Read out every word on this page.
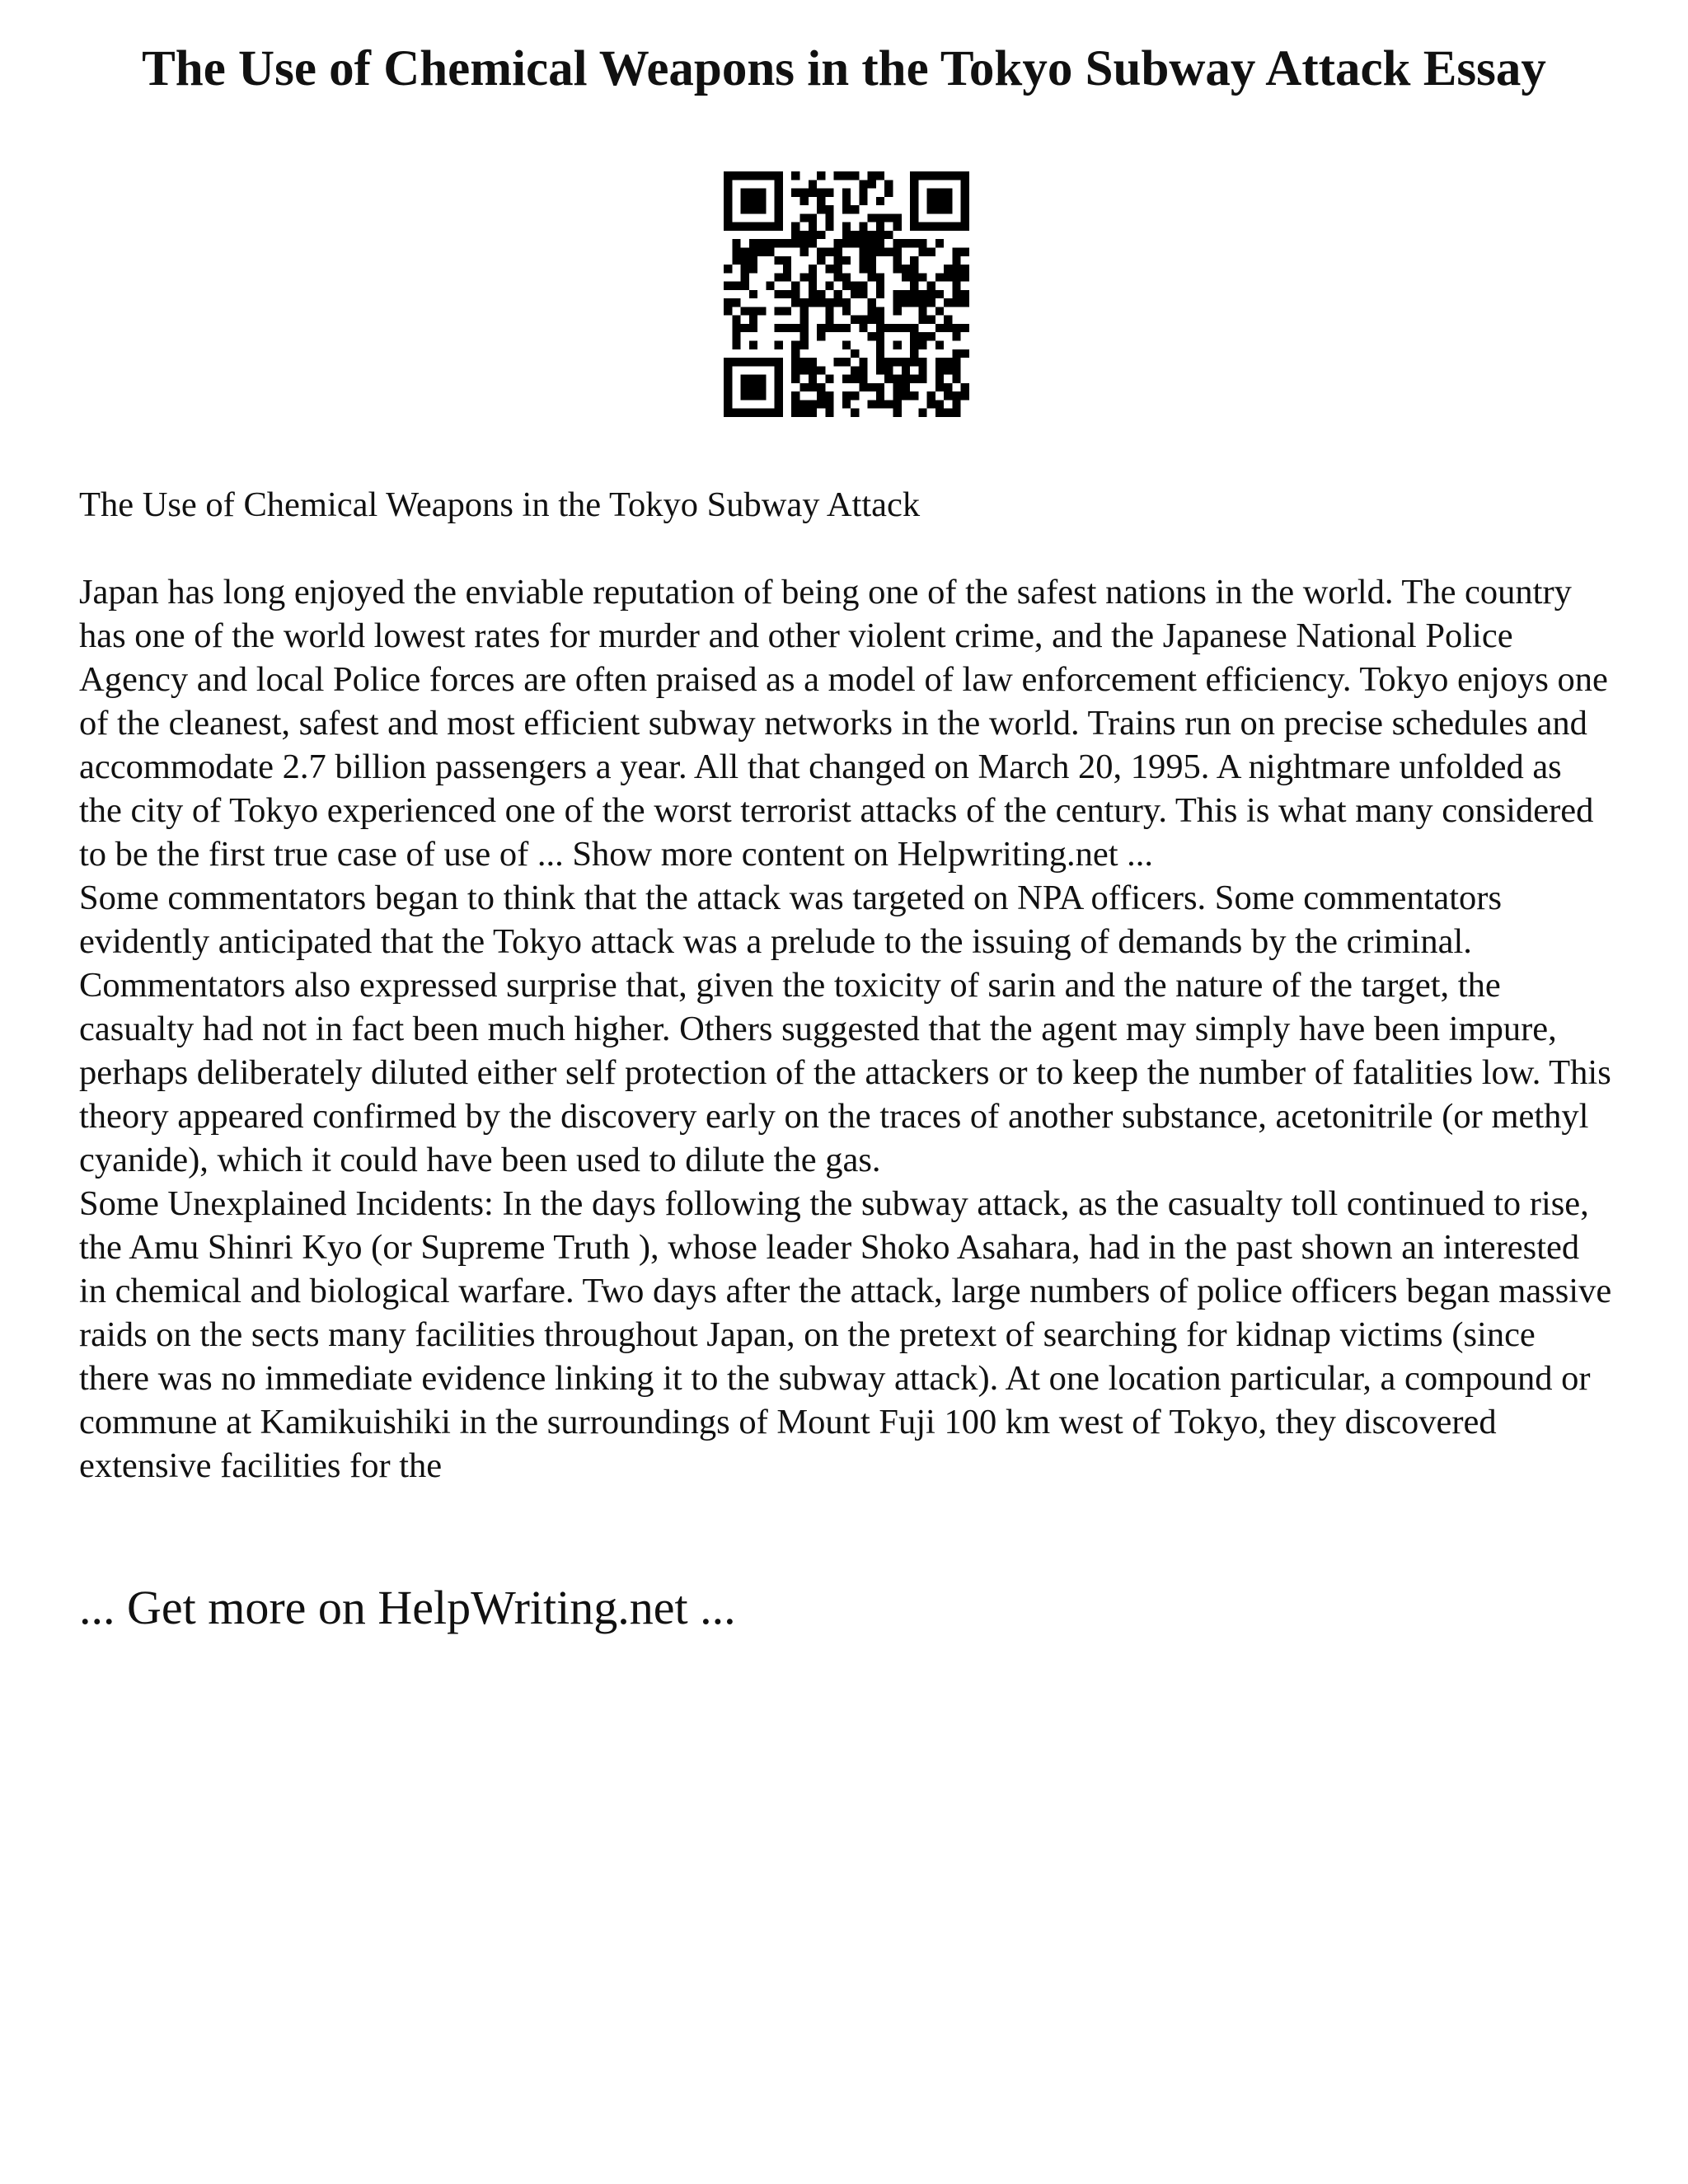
The Use of Chemical Weapons in the Tokyo Subway Attack Essay

The Use of Chemical Weapons in the Tokyo Subway Attack

Japan has long enjoyed the enviable reputation of being one of the safest nations in the world. The country has one of the world lowest rates for murder and other violent crime, and the Japanese National Police Agency and local Police forces are often praised as a model of law enforcement efficiency. Tokyo enjoys one of the cleanest, safest and most efficient subway networks in the world. Trains run on precise schedules and accommodate 2.7 billion passengers a year. All that changed on March 20, 1995. A nightmare unfolded as the city of Tokyo experienced one of the worst terrorist attacks of the century. This is what many considered to be the first true case of use of ... Show more content on Helpwriting.net ...

Some commentators began to think that the attack was targeted on NPA officers. Some commentators evidently anticipated that the Tokyo attack was a prelude to the issuing of demands by the criminal. Commentators also expressed surprise that, given the toxicity of sarin and the nature of the target, the casualty had not in fact been much higher. Others suggested that the agent may simply have been impure, perhaps deliberately diluted either self protection of the attackers or to keep the number of fatalities low. This theory appeared confirmed by the discovery early on the traces of another substance, acetonitrile (or methyl cyanide), which it could have been used to dilute the gas.

Some Unexplained Incidents: In the days following the subway attack, as the casualty toll continued to rise, the Amu Shinri Kyo (or Supreme Truth ), whose leader Shoko Asahara, had in the past shown an interested in chemical and biological warfare. Two days after the attack, large numbers of police officers began massive raids on the sects many facilities throughout Japan, on the pretext of searching for kidnap victims (since there was no immediate evidence linking it to the subway attack). At one location particular, a compound or commune at Kamikuishiki in the surroundings of Mount Fuji 100 km west of Tokyo, they discovered extensive facilities for the

... Get more on HelpWriting.net ...
